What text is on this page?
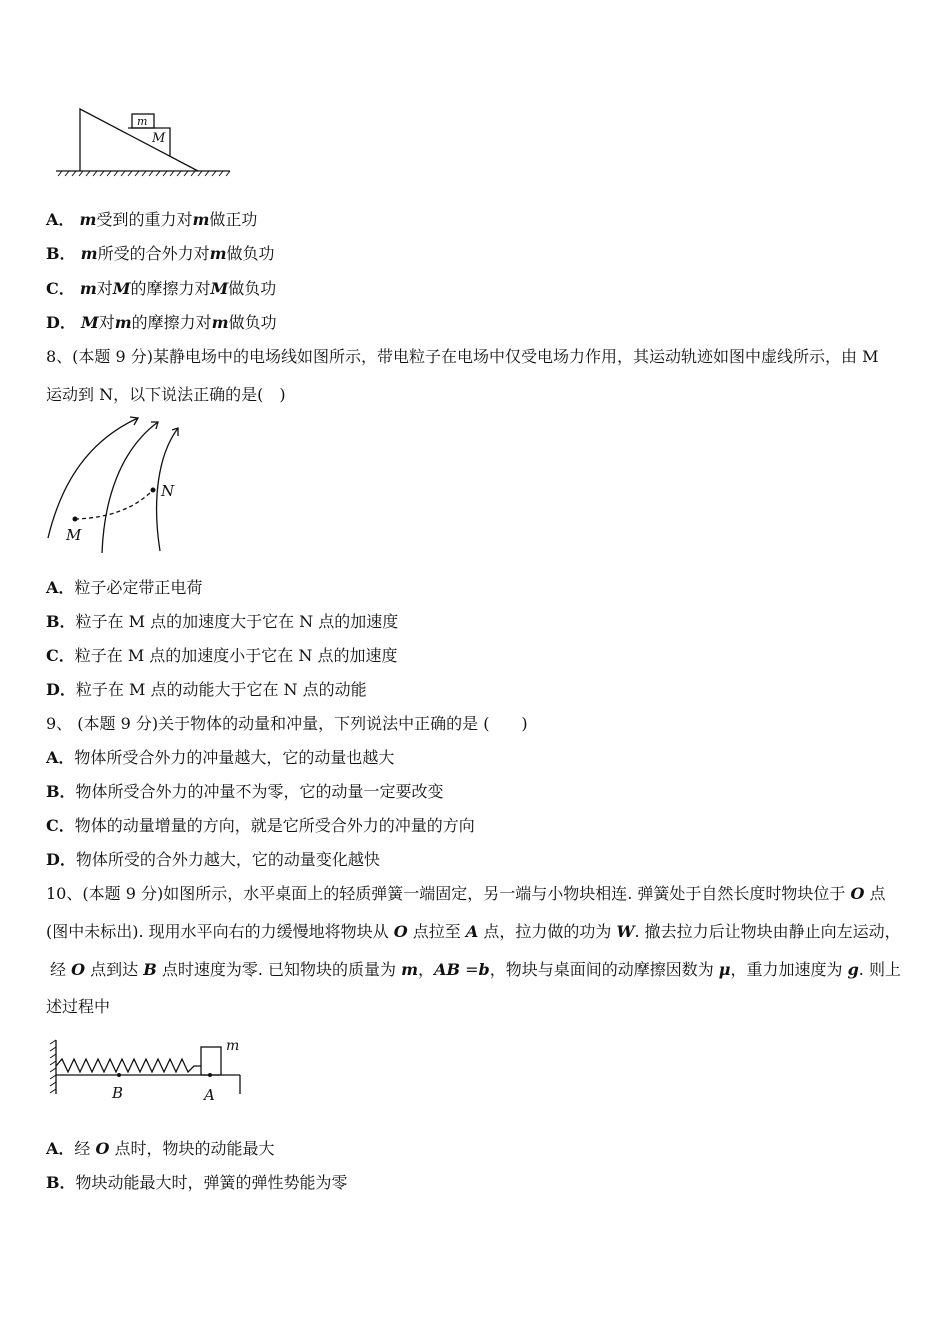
m
M
A． m受到的重力对m做正功
B． m所受的合外力对m做负功
C． m对M的摩擦力对M做负功
D． M对m的摩擦力对m做负功
8、(本题 9 分)某静电场中的电场线如图所示，带电粒子在电场中仅受电场力作用，其运动轨迹如图中虚线所示，由 M
运动到 N，以下说法正确的是(　)
M
N
A．粒子必定带正电荷
B．粒子在 M 点的加速度大于它在 N 点的加速度
C．粒子在 M 点的加速度小于它在 N 点的加速度
D．粒子在 M 点的动能大于它在 N 点的动能
9、 (本题 9 分)关于物体的动量和冲量，下列说法中正确的是 (　　)
A．物体所受合外力的冲量越大，它的动量也越大
B．物体所受合外力的冲量不为零，它的动量一定要改变
C．物体的动量增量的方向，就是它所受合外力的冲量的方向
D．物体所受的合外力越大，它的动量变化越快
10、(本题 9 分)如图所示，水平桌面上的轻质弹簧一端固定，另一端与小物块相连. 弹簧处于自然长度时物块位于 O 点
(图中未标出). 现用水平向右的力缓慢地将物块从 O 点拉至 A 点，拉力做的功为 W. 撤去拉力后让物块由静止向左运动，
经 O 点到达 B 点时速度为零. 已知物块的质量为 m，AB =b，物块与桌面间的动摩擦因数为 μ，重力加速度为 g. 则上
述过程中
m
B	A
A．经 O 点时，物块的动能最大
B．物块动能最大时，弹簧的弹性势能为零
